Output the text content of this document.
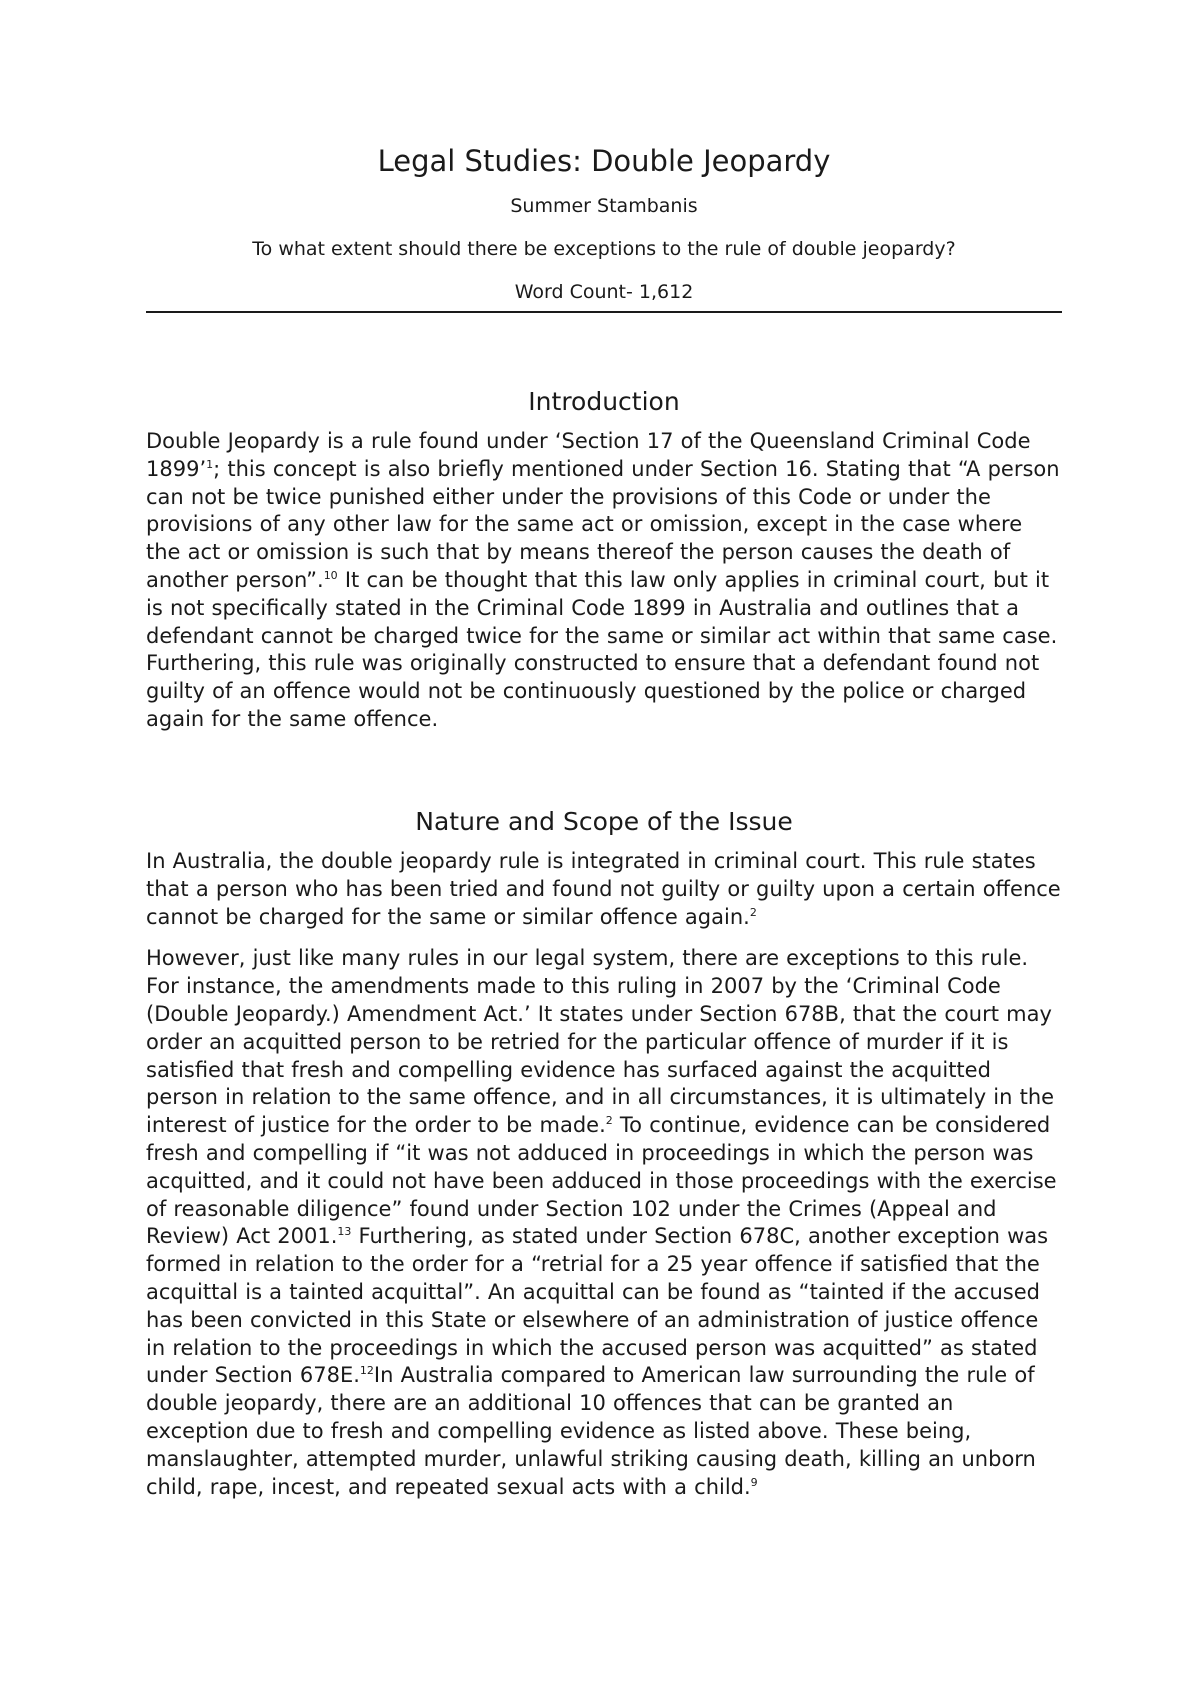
Legal Studies: Double Jeopardy
Summer Stambanis
To what extent should there be exceptions to the rule of double jeopardy?
Word Count- 1,612
Introduction

Double Jeopardy is a rule found under ‘Section 17 of the Queensland Criminal Code 1899’$^1$; this concept is also briefly mentioned under Section 16. Stating that “A person can not be twice punished either under the provisions of this Code or under the provisions of any other law for the same act or omission, except in the case where the act or omission is such that by means thereof the person causes the death of another person”.$^{10}$ It can be thought that this law only applies in criminal court, but it is not specifically stated in the Criminal Code 1899 in Australia and outlines that a defendant cannot be charged twice for the same or similar act within that same case. Furthering, this rule was originally constructed to ensure that a defendant found not guilty of an offence would not be continuously questioned by the police or charged again for the same offence.

Nature and Scope of the Issue

In Australia, the double jeopardy rule is integrated in criminal court. This rule states that a person who has been tried and found not guilty or guilty upon a certain offence cannot be charged for the same or similar offence again.$^2$

However, just like many rules in our legal system, there are exceptions to this rule. For instance, the amendments made to this ruling in 2007 by the ‘Criminal Code (Double Jeopardy.) Amendment Act.’ It states under Section 678B, that the court may order an acquitted person to be retried for the particular offence of murder if it is satisfied that fresh and compelling evidence has surfaced against the acquitted person in relation to the same offence, and in all circumstances, it is ultimately in the interest of justice for the order to be made.$^2$ To continue, evidence can be considered fresh and compelling if “it was not adduced in proceedings in which the person was acquitted, and it could not have been adduced in those proceedings with the exercise of reasonable diligence” found under Section 102 under the Crimes (Appeal and Review) Act 2001.13 Furthering, as stated under Section 678C, another exception was formed in relation to the order for a “retrial for a 25 year offence if satisfied that the acquittal is a tainted acquittal”. An acquittal can be found as “tainted if the accused has been convicted in this State or elsewhere of an administration of justice offence in relation to the proceedings in which the accused person was acquitted” as stated under Section 678E.$^{12}$In Australia compared to American law surrounding the rule of double jeopardy, there are an additional 10 offences that can be granted an exception due to fresh and compelling evidence as listed above. These being, manslaughter, attempted murder, unlawful striking causing death, killing an unborn child, rape, incest, and repeated sexual acts with a child.$^9$
